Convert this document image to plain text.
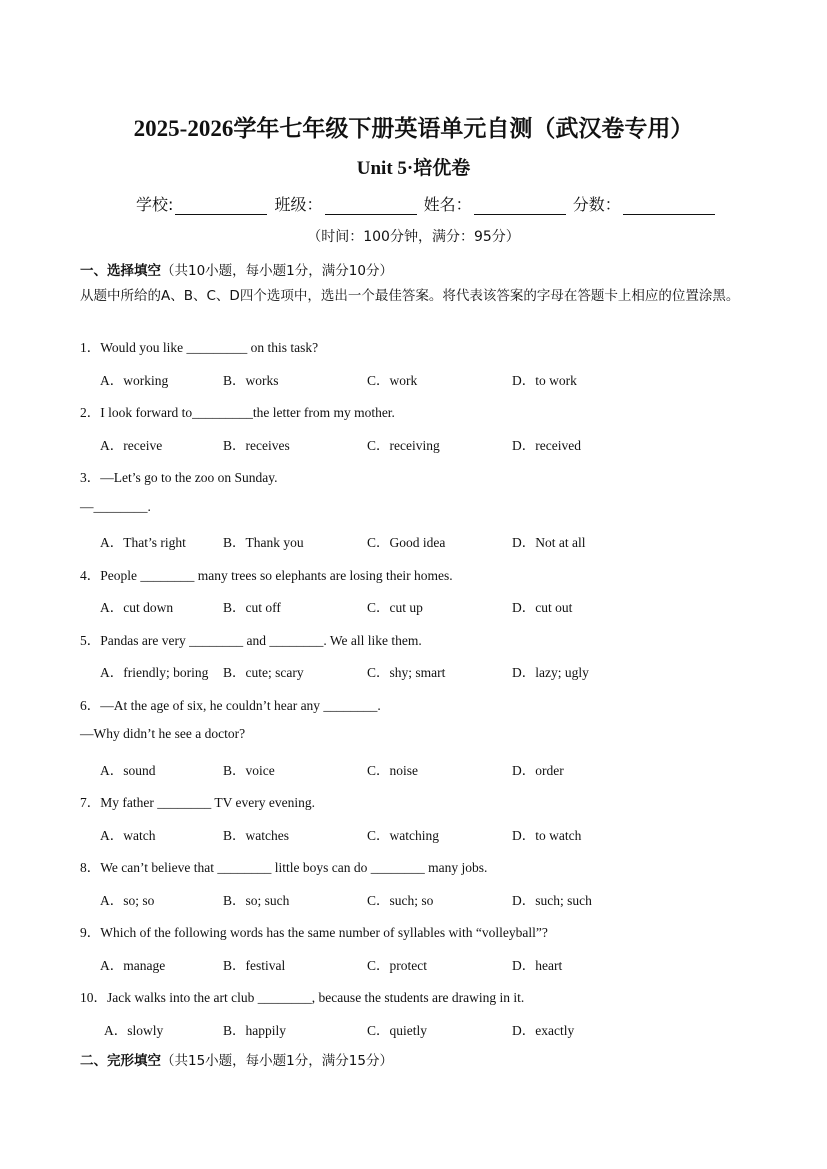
2025-2026学年七年级下册英语单元自测（武汉卷专用）
Unit 5·培优卷
学校:	班级：	姓名：	分数：
（时间：100分钟，满分：95分）
一、选择填空（共10小题，每小题1分，满分10分）
从题中所给的A、B、C、D四个选项中，选出一个最佳答案。将代表该答案的字母在答题卡上相应的位置涂黑。
1．Would you like _________ on this task?
A．working	B．works	C．work	D．to work
2．I look forward to_________the letter from my mother.
A．receive	B．receives	C．receiving	D．received
3．—Let’s go to the zoo on Sunday.
—________.
A．That’s right	B．Thank you	C．Good idea	D．Not at all
4．People ________ many trees so elephants are losing their homes.
A．cut down	B．cut off	C．cut up	D．cut out
5．Pandas are very ________ and ________. We all like them.
A．friendly; boring B．cute; scary	C．shy; smart	D．lazy; ugly
6．—At the age of six, he couldn’t hear any ________.
—Why didn’t he see a doctor?
A．sound	B．voice	C．noise	D．order
7．My father ________ TV every evening.
A．watch	B．watches	C．watching	D．to watch
8．We can’t believe that ________ little boys can do ________ many jobs.
A．so; so	B．so; such	C．such; so	D．such; such
9．Which of the following words has the same number of syllables with “volleyball”?
A．manage	B．festival	C．protect	D．heart
10．Jack walks into the art club ________, because the students are drawing in it.
A．slowly	B．happily	C．quietly	D．exactly
二、完形填空（共15小题，每小题1分，满分15分）
